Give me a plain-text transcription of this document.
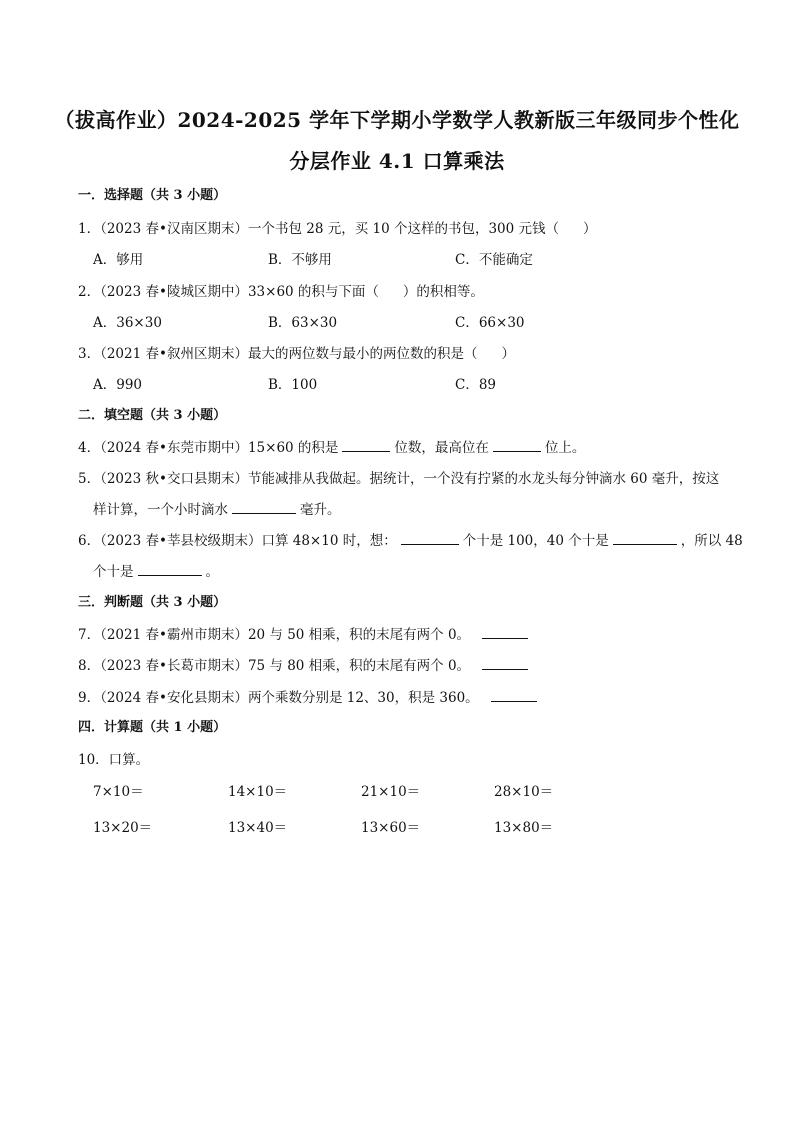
（拔高作业）2024-2025 学年下学期小学数学人教新版三年级同步个性化
分层作业 4.1 口算乘法
一．选择题（共 3 小题）
1．（2023 春•汉南区期末）一个书包 28 元，买 10 个这样的书包，300 元钱（ ）
A．够用	B．不够用	C．不能确定
2．（2023 春•陵城区期中）33×60 的积与下面（ ）的积相等。
A．36×30	B．63×30	C．66×30
3．（2021 春•叙州区期末）最大的两位数与最小的两位数的积是（ ）
A．990	B．100	C．89
二．填空题（共 3 小题）
4．（2024 春•东莞市期中）15×60 的积是	位数，最高位在	位上。
5．（2023 秋•交口县期末）节能减排从我做起。据统计，一个没有拧紧的水龙头每分钟滴水 60 毫升，按这
样计算，一个小时滴水	毫升。
6．（2023 春•莘县校级期末）口算 48×10 时，想：	个十是 100，40 个十是	，所以 48
个十是	。
三．判断题（共 3 小题）
7．（2021 春•霸州市期末）20 与 50 相乘，积的末尾有两个 0。
8．（2023 春•长葛市期末）75 与 80 相乘，积的末尾有两个 0。
9．（2024 春•安化县期末）两个乘数分别是 12、30，积是 360。
四．计算题（共 1 小题）
10．口算。
7×10＝	14×10＝	21×10＝	28×10＝
13×20＝	13×40＝	13×60＝	13×80＝
